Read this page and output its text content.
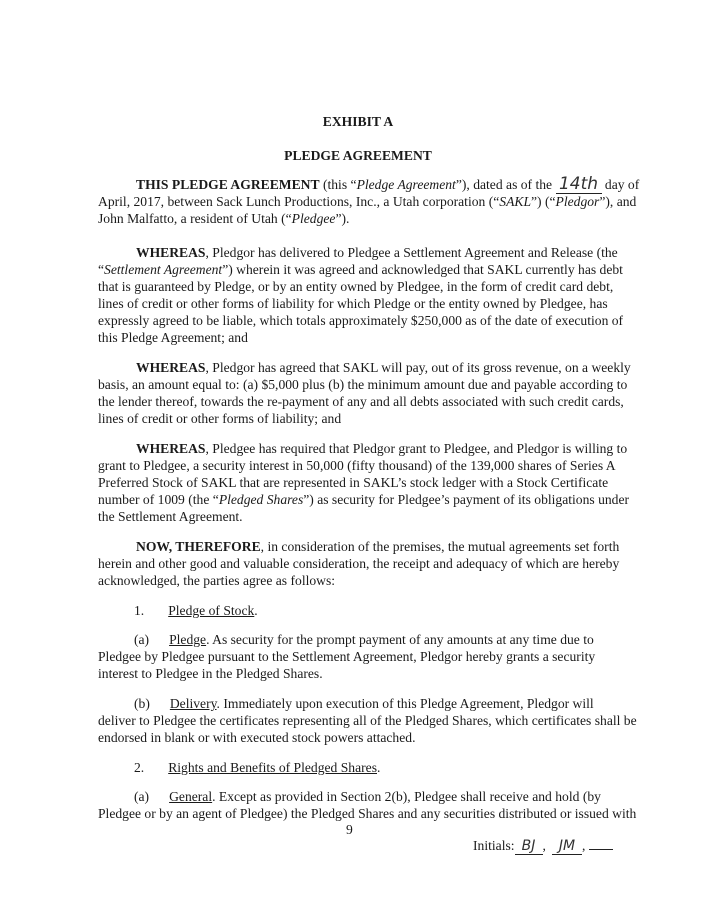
EXHIBIT A
PLEDGE AGREEMENT
THIS PLEDGE AGREEMENT (this “Pledge Agreement”), dated as of the 14th day of
April, 2017, between Sack Lunch Productions, Inc., a Utah corporation (“SAKL”) (“Pledgor”), and
John Malfatto, a resident of Utah (“Pledgee”).
WHEREAS, Pledgor has delivered to Pledgee a Settlement Agreement and Release (the
“Settlement Agreement”) wherein it was agreed and acknowledged that SAKL currently has debt
that is guaranteed by Pledge, or by an entity owned by Pledgee, in the form of credit card debt,
lines of credit or other forms of liability for which Pledge or the entity owned by Pledgee, has
expressly agreed to be liable, which totals approximately $250,000 as of the date of execution of
this Pledge Agreement; and
WHEREAS, Pledgor has agreed that SAKL will pay, out of its gross revenue, on a weekly
basis, an amount equal to: (a) $5,000 plus (b) the minimum amount due and payable according to
the lender thereof, towards the re-payment of any and all debts associated with such credit cards,
lines of credit or other forms of liability; and
WHEREAS, Pledgee has required that Pledgor grant to Pledgee, and Pledgor is willing to
grant to Pledgee, a security interest in 50,000 (fifty thousand) of the 139,000 shares of Series A
Preferred Stock of SAKL that are represented in SAKL’s stock ledger with a Stock Certificate
number of 1009 (the “Pledged Shares”) as security for Pledgee’s payment of its obligations under
the Settlement Agreement.
NOW, THEREFORE, in consideration of the premises, the mutual agreements set forth
herein and other good and valuable consideration, the receipt and adequacy of which are hereby
acknowledged, the parties agree as follows:
1. Pledge of Stock.
(a) Pledge. As security for the prompt payment of any amounts at any time due to
Pledgee by Pledgee pursuant to the Settlement Agreement, Pledgor hereby grants a security
interest to Pledgee in the Pledged Shares.
(b) Delivery. Immediately upon execution of this Pledge Agreement, Pledgor will
deliver to Pledgee the certificates representing all of the Pledged Shares, which certificates shall be
endorsed in blank or with executed stock powers attached.
2. Rights and Benefits of Pledged Shares.
(a) General. Except as provided in Section 2(b), Pledgee shall receive and hold (by
Pledgee or by an agent of Pledgee) the Pledged Shares and any securities distributed or issued with
9
Initials: BJ , JM ,
